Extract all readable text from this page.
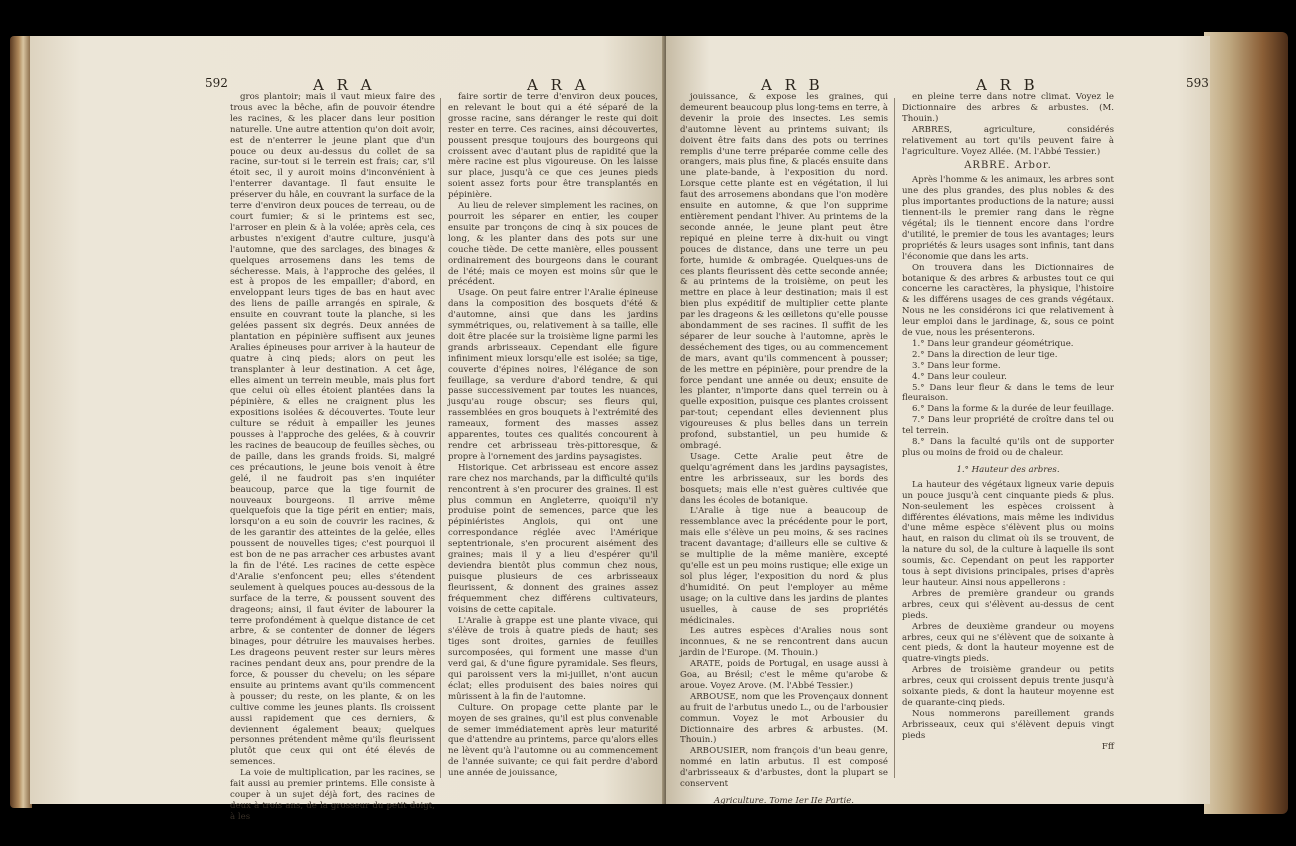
592	A R A	A R A

gros plantoir; mais il vaut mieux faire des trous avec la bêche, afin de pouvoir étendre les racines, & les placer dans leur position naturelle. Une autre attention qu'on doit avoir, est de n'enterrer le jeune plant que d'un pouce ou deux au-dessus du collet de sa racine, sur-tout si le terrein est frais; car, s'il étoit sec, il y auroit moins d'inconvénient à l'enterrer davantage. Il faut ensuite le préserver du hâle, en couvrant la surface de la terre d'environ deux pouces de terreau, ou de court fumier; & si le printems est sec, l'arroser en plein & à la volée; après cela, ces arbustes n'exigent d'autre culture, jusqu'à l'automne, que des sarclages, des binages & quelques arrosemens dans les tems de sécheresse. Mais, à l'approche des gelées, il est à propos de les empailler; d'abord, en enveloppant leurs tiges de bas en haut avec des liens de paille arrangés en spirale, & ensuite en couvrant toute la planche, si les gelées passent six degrés. Deux années de plantation en pépinière suffisent aux jeunes Aralies épineuses pour arriver à la hauteur de quatre à cinq pieds; alors on peut les transplanter à leur destination. A cet âge, elles aiment un terrein meuble, mais plus fort que celui où elles étoient plantées dans la pépinière, & elles ne craignent plus les expositions isolées & découvertes. Toute leur culture se réduit à empailler les jeunes pousses à l'approche des gelées, & à couvrir les racines de beaucoup de feuilles sèches, ou de paille, dans les grands froids. Si, malgré ces précautions, le jeune bois venoit à être gelé, il ne faudroit pas s'en inquiéter beaucoup, parce que la tige fournit de nouveaux bourgeons. Il arrive même quelquefois que la tige périt en entier; mais, lorsqu'on a eu soin de couvrir les racines, & de les garantir des atteintes de la gelée, elles poussent de nouvelles tiges; c'est pourquoi il est bon de ne pas arracher ces arbustes avant la fin de l'été. Les racines de cette espèce d'Aralie s'enfoncent peu; elles s'étendent seulement à quelques pouces au-dessous de la surface de la terre, & poussent souvent des drageons; ainsi, il faut éviter de labourer la terre profondément à quelque distance de cet arbre, & se contenter de donner de légers binages, pour détruire les mauvaises herbes. Les drageons peuvent rester sur leurs mères racines pendant deux ans, pour prendre de la force, & pousser du chevelu; on les sépare ensuite au printems avant qu'ils commencent à pousser; du reste, on les plante, & on les cultive comme les jeunes plants. Ils croissent aussi rapidement que ces derniers, & deviennent également beaux; quelques personnes prétendent même qu'ils fleurissent plutôt que ceux qui ont été élevés de semences.

La voie de multiplication, par les racines, se fait aussi au premier printems. Elle consiste à couper à un sujet déjà fort, des racines de deux à trois ans, de la grosseur du petit doigt, à les

faire sortir de terre d'environ deux pouces, en relevant le bout qui a été séparé de la grosse racine, sans déranger le reste qui doit rester en terre. Ces racines, ainsi découvertes, poussent presque toujours des bourgeons qui croissent avec d'autant plus de rapidité que la mère racine est plus vigoureuse. On les laisse sur place, jusqu'à ce que ces jeunes pieds soient assez forts pour être transplantés en pépinière.

Au lieu de relever simplement les racines, on pourroit les séparer en entier, les couper ensuite par tronçons de cinq à six pouces de long, & les planter dans des pots sur une couche tiède. De cette manière, elles poussent ordinairement des bourgeons dans le courant de l'été; mais ce moyen est moins sûr que le précédent.

Usage. On peut faire entrer l'Aralie épineuse dans la composition des bosquets d'été & d'automne, ainsi que dans les jardins symmétriques, ou, relativement à sa taille, elle doit être placée sur la troisième ligne parmi les grands arbrisseaux. Cependant elle figure infiniment mieux lorsqu'elle est isolée; sa tige, couverte d'épines noires, l'élégance de son feuillage, sa verdure d'abord tendre, & qui passe successivement par toutes les nuances, jusqu'au rouge obscur; ses fleurs qui, rassemblées en gros bouquets à l'extrémité des rameaux, forment des masses assez apparentes, toutes ces qualités concourent à rendre cet arbrisseau très-pittoresque, & propre à l'ornement des jardins paysagistes.

Historique. Cet arbrisseau est encore assez rare chez nos marchands, par la difficulté qu'ils rencontrent à s'en procurer des graines. Il est plus commun en Angleterre, quoiqu'il n'y produise point de semences, parce que les pépiniéristes Anglois, qui ont une correspondance réglée avec l'Amérique septentrionale, s'en procurent aisément des graines; mais il y a lieu d'espérer qu'il deviendra bientôt plus commun chez nous, puisque plusieurs de ces arbrisseaux fleurissent, & donnent des graines assez fréquemment chez différens cultivateurs, voisins de cette capitale.

L'Aralie à grappe est une plante vivace, qui s'élève de trois à quatre pieds de haut; ses tiges sont droites, garnies de feuilles surcomposées, qui forment une masse d'un verd gai, & d'une figure pyramidale. Ses fleurs, qui paroissent vers la mi-juillet, n'ont aucun éclat; elles produisent des baies noires qui mûrissent à la fin de l'automne.

Culture. On propage cette plante par le moyen de ses graines, qu'il est plus convenable de semer immédiatement après leur maturité que d'attendre au printems, parce qu'alors elles ne lèvent qu'à l'automne ou au commencement de l'année suivante; ce qui fait perdre d'abord une année de jouissance,

A R B	A R B	593

jouissance, & expose les graines, qui demeurent beaucoup plus long-tems en terre, à devenir la proie des insectes. Les semis d'automne lèvent au printems suivant; ils doivent être faits dans des pots ou terrines remplis d'une terre préparée comme celle des orangers, mais plus fine, & placés ensuite dans une plate-bande, à l'exposition du nord. Lorsque cette plante est en végétation, il lui faut des arrosemens abondans que l'on modère ensuite en automne, & que l'on supprime entièrement pendant l'hiver. Au printems de la seconde année, le jeune plant peut être repiqué en pleine terre à dix-huit ou vingt pouces de distance, dans une terre un peu forte, humide & ombragée. Quelques-uns de ces plants fleurissent dès cette seconde année; & au printems de la troisième, on peut les mettre en place à leur destination; mais il est bien plus expéditif de multiplier cette plante par les drageons & les œilletons qu'elle pousse abondamment de ses racines. Il suffit de les séparer de leur souche à l'automne, après le desséchement des tiges, ou au commencement de mars, avant qu'ils commencent à pousser; de les mettre en pépinière, pour prendre de la force pendant une année ou deux; ensuite de les planter, n'importe dans quel terrein ou à quelle exposition, puisque ces plantes croissent par-tout; cependant elles deviennent plus vigoureuses & plus belles dans un terrein profond, substantiel, un peu humide & ombragé.

Usage. Cette Aralie peut être de quelqu'agrément dans les jardins paysagistes, entre les arbrisseaux, sur les bords des bosquets; mais elle n'est guères cultivée que dans les écoles de botanique.

L'Aralie à tige nue a beaucoup de ressemblance avec la précédente pour le port, mais elle s'élève un peu moins, & ses racines tracent davantage; d'ailleurs elle se cultive & se multiplie de la même manière, excepté qu'elle est un peu moins rustique; elle exige un sol plus léger, l'exposition du nord & plus d'humidité. On peut l'employer au même usage; on la cultive dans les jardins de plantes usuelles, à cause de ses propriétés médicinales.

Les autres espèces d'Aralies nous sont inconnues, & ne se rencontrent dans aucun jardin de l'Europe. (M. Thouin.)

ARATE, poids de Portugal, en usage aussi à Goa, au Brésil; c'est le même qu'arobe & aroue. Voyez Arove. (M. l'Abbé Tessier.)

ARBOUSE, nom que les Provençaux donnent au fruit de l'arbutus unedo L., ou de l'arbousier commun. Voyez le mot Arbousier du Dictionnaire des arbres & arbustes. (M. Thouin.)

ARBOUSIER, nom françois d'un beau genre, nommé en latin arbutus. Il est composé d'arbrisseaux & d'arbustes, dont la plupart se conservent

Agriculture. Tome Ier IIe Partie.

en pleine terre dans notre climat. Voyez le Dictionnaire des arbres & arbustes. (M. Thouin.)

ARBRES, agriculture, considérés relativement au tort qu'ils peuvent faire à l'agriculture. Voyez Allée. (M. l'Abbé Tessier.)

ARBRE. Arbor.

Après l'homme & les animaux, les arbres sont une des plus grandes, des plus nobles & des plus importantes productions de la nature; aussi tiennent-ils le premier rang dans le règne végétal; ils le tiennent encore dans l'ordre d'utilité, le premier de tous les avantages; leurs propriétés & leurs usages sont infinis, tant dans l'économie que dans les arts.

On trouvera dans les Dictionnaires de botanique & des arbres & arbustes tout ce qui concerne les caractères, la physique, l'histoire & les différens usages de ces grands végétaux. Nous ne les considérons ici que relativement à leur emploi dans le jardinage, &, sous ce point de vue, nous les présenterons.

1.° Dans leur grandeur géométrique.

2.° Dans la direction de leur tige.

3.° Dans leur forme.

4.° Dans leur couleur.

5.° Dans leur fleur & dans le tems de leur fleuraison.

6.° Dans la forme & la durée de leur feuillage.

7.° Dans leur propriété de croître dans tel ou tel terrein.

8.° Dans la faculté qu'ils ont de supporter plus ou moins de froid ou de chaleur.

1.° Hauteur des arbres.

La hauteur des végétaux ligneux varie depuis un pouce jusqu'à cent cinquante pieds & plus. Non-seulement les espèces croissent à différentes élévations, mais même les individus d'une même espèce s'élèvent plus ou moins haut, en raison du climat où ils se trouvent, de la nature du sol, de la culture à laquelle ils sont soumis, &c. Cependant on peut les rapporter tous à sept divisions principales, prises d'après leur hauteur. Ainsi nous appellerons :

Arbres de première grandeur ou grands arbres, ceux qui s'élèvent au-dessus de cent pieds.

Arbres de deuxième grandeur ou moyens arbres, ceux qui ne s'élèvent que de soixante à cent pieds, & dont la hauteur moyenne est de quatre-vingts pieds.

Arbres de troisième grandeur ou petits arbres, ceux qui croissent depuis trente jusqu'à soixante pieds, & dont la hauteur moyenne est de quarante-cinq pieds.

Nous nommerons pareillement grands Arbrisseaux, ceux qui s'élèvent depuis vingt pieds

Fff
